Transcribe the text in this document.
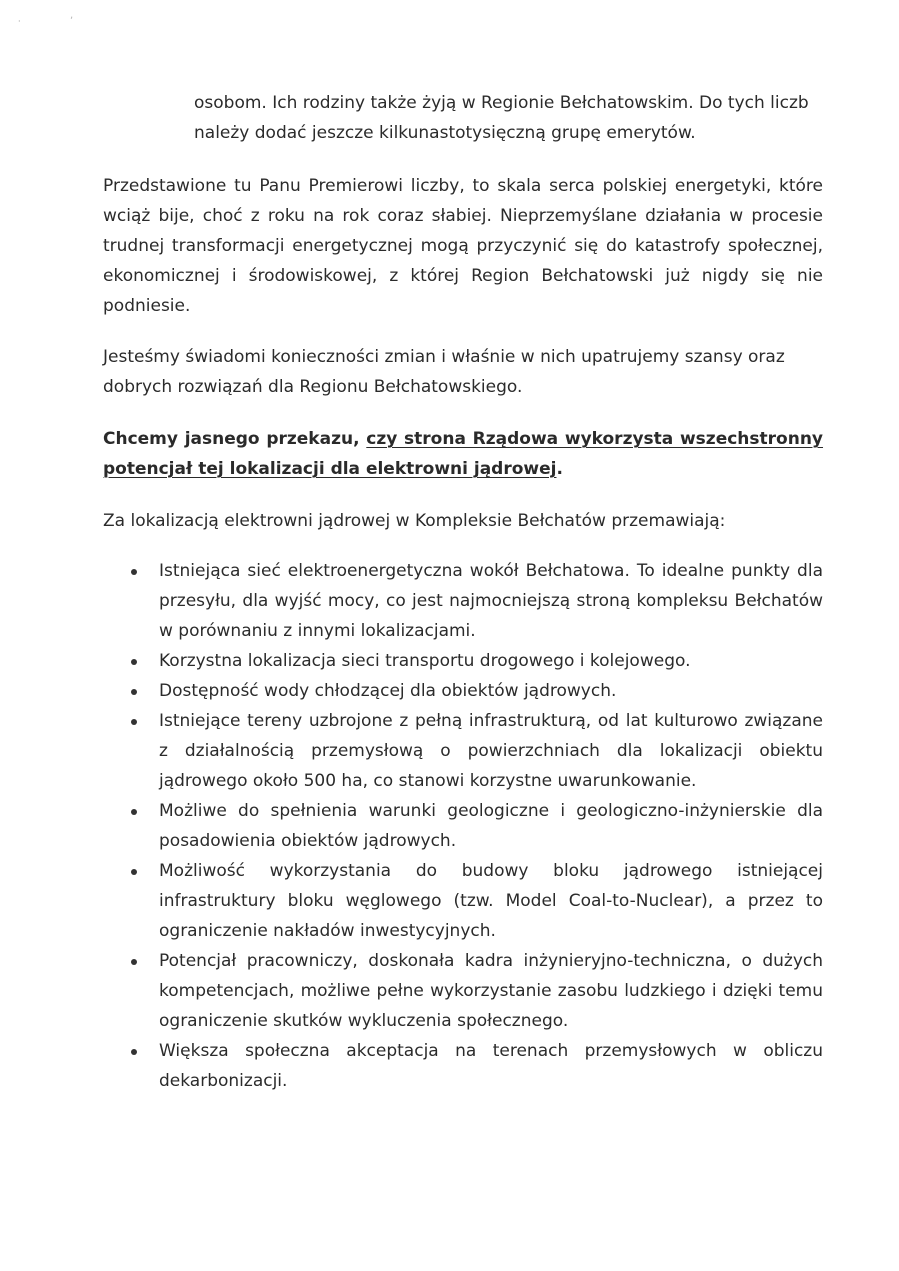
⸳	,

osobom. Ich rodziny także żyją w Regionie Bełchatowskim. Do tych liczb należy dodać jeszcze kilkunastotysięczną grupę emerytów.

Przedstawione tu Panu Premierowi liczby, to skala serca polskiej energetyki, które wciąż bije, choć z roku na rok coraz słabiej. Nieprzemyślane działania w procesie trudnej transformacji energetycznej mogą przyczynić się do katastrofy społecznej, ekonomicznej i środowiskowej, z której Region Bełchatowski już nigdy się nie podniesie.

Jesteśmy świadomi konieczności zmian i właśnie w nich upatrujemy szansy oraz dobrych rozwiązań dla Regionu Bełchatowskiego.

Chcemy jasnego przekazu, czy strona Rządowa wykorzysta wszechstronny potencjał tej lokalizacji dla elektrowni jądrowej.

Za lokalizacją elektrowni jądrowej w Kompleksie Bełchatów przemawiają:

Istniejąca sieć elektroenergetyczna wokół Bełchatowa. To idealne punkty dla przesyłu, dla wyjść mocy, co jest najmocniejszą stroną kompleksu Bełchatów w porównaniu z innymi lokalizacjami.
Korzystna lokalizacja sieci transportu drogowego i kolejowego.
Dostępność wody chłodzącej dla obiektów jądrowych.
Istniejące tereny uzbrojone z pełną infrastrukturą, od lat kulturowo związane z działalnością przemysłową o powierzchniach dla lokalizacji obiektu jądrowego około 500 ha, co stanowi korzystne uwarunkowanie.
Możliwe do spełnienia warunki geologiczne i geologiczno-inżynierskie dla posadowienia obiektów jądrowych.
Możliwość wykorzystania do budowy bloku jądrowego istniejącej infrastruktury bloku węglowego (tzw. Model Coal-to-Nuclear), a przez to ograniczenie nakładów inwestycyjnych.
Potencjał pracowniczy, doskonała kadra inżynieryjno-techniczna, o dużych kompetencjach, możliwe pełne wykorzystanie zasobu ludzkiego i dzięki temu ograniczenie skutków wykluczenia społecznego.
Większa społeczna akceptacja na terenach przemysłowych w obliczu dekarbonizacji.
